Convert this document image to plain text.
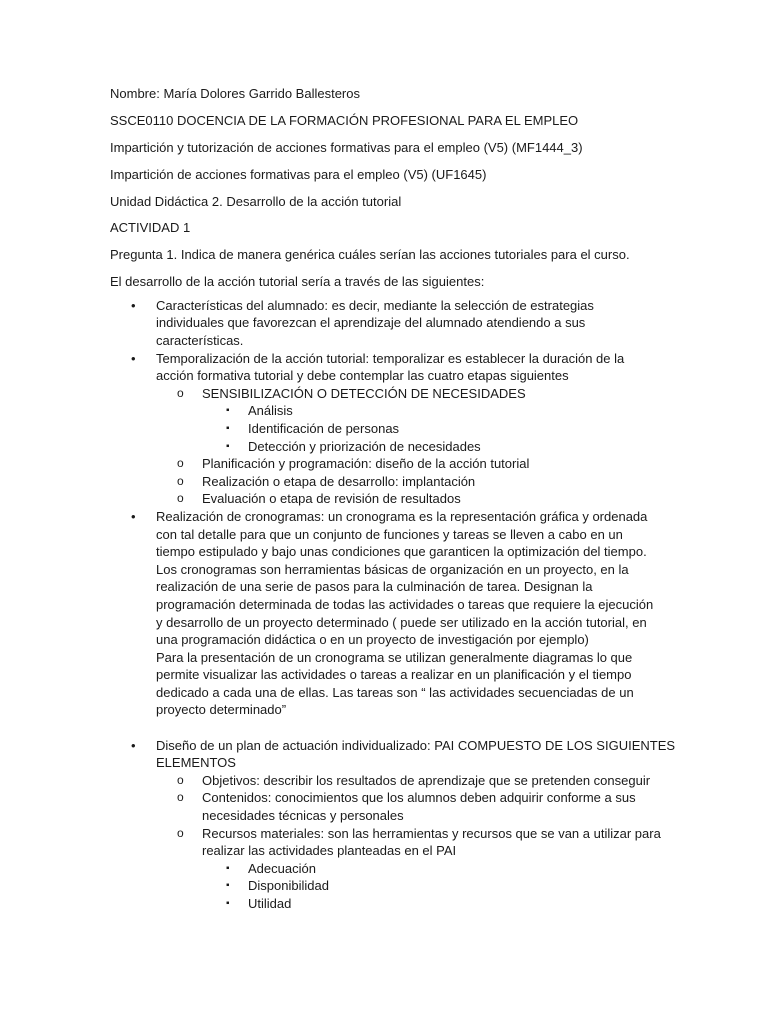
Nombre: María Dolores Garrido Ballesteros

SSCE0110 DOCENCIA DE LA FORMACIÓN PROFESIONAL PARA EL EMPLEO

Impartición y tutorización de acciones formativas para el empleo (V5) (MF1444_3)

Impartición de acciones formativas para el empleo (V5) (UF1645)

Unidad Didáctica 2. Desarrollo de la acción tutorial

ACTIVIDAD 1

Pregunta 1. Indica de manera genérica cuáles serían las acciones tutoriales para el curso.

El desarrollo de la acción tutorial sería a través de las siguientes:

• Características del alumnado: es decir, mediante la selección de estrategias
individuales que favorezcan el aprendizaje del alumnado atendiendo a sus
características.
• Temporalización de la acción tutorial: temporalizar es establecer la duración de la
acción formativa tutorial y debe contemplar las cuatro etapas siguientes
o SENSIBILIZACIÓN O DETECCIÓN DE NECESIDADES
▪ Análisis
▪ Identificación de personas
▪ Detección y priorización de necesidades
o Planificación y programación: diseño de la acción tutorial
o Realización o etapa de desarrollo: implantación
o Evaluación o etapa de revisión de resultados
• Realización de cronogramas: un cronograma es la representación gráfica y ordenada
con tal detalle para que un conjunto de funciones y tareas se lleven a cabo en un
tiempo estipulado y bajo unas condiciones que garanticen la optimización del tiempo.
Los cronogramas son herramientas básicas de organización en un proyecto, en la
realización de una serie de pasos para la culminación de tarea. Designan la
programación determinada de todas las actividades o tareas que requiere la ejecución
y desarrollo de un proyecto determinado ( puede ser utilizado en la acción tutorial, en
una programación didáctica o en un proyecto de investigación por ejemplo)
Para la presentación de un cronograma se utilizan generalmente diagramas lo que
permite visualizar las actividades o tareas a realizar en un planificación y el tiempo
dedicado a cada una de ellas. Las tareas son “ las actividades secuenciadas de un
proyecto determinado”
• Diseño de un plan de actuación individualizado: PAI COMPUESTO DE LOS SIGUIENTES
ELEMENTOS
o Objetivos: describir los resultados de aprendizaje que se pretenden conseguir
o Contenidos: conocimientos que los alumnos deben adquirir conforme a sus
necesidades técnicas y personales
o Recursos materiales: son las herramientas y recursos que se van a utilizar para
realizar las actividades planteadas en el PAI
▪ Adecuación
▪ Disponibilidad
▪ Utilidad
